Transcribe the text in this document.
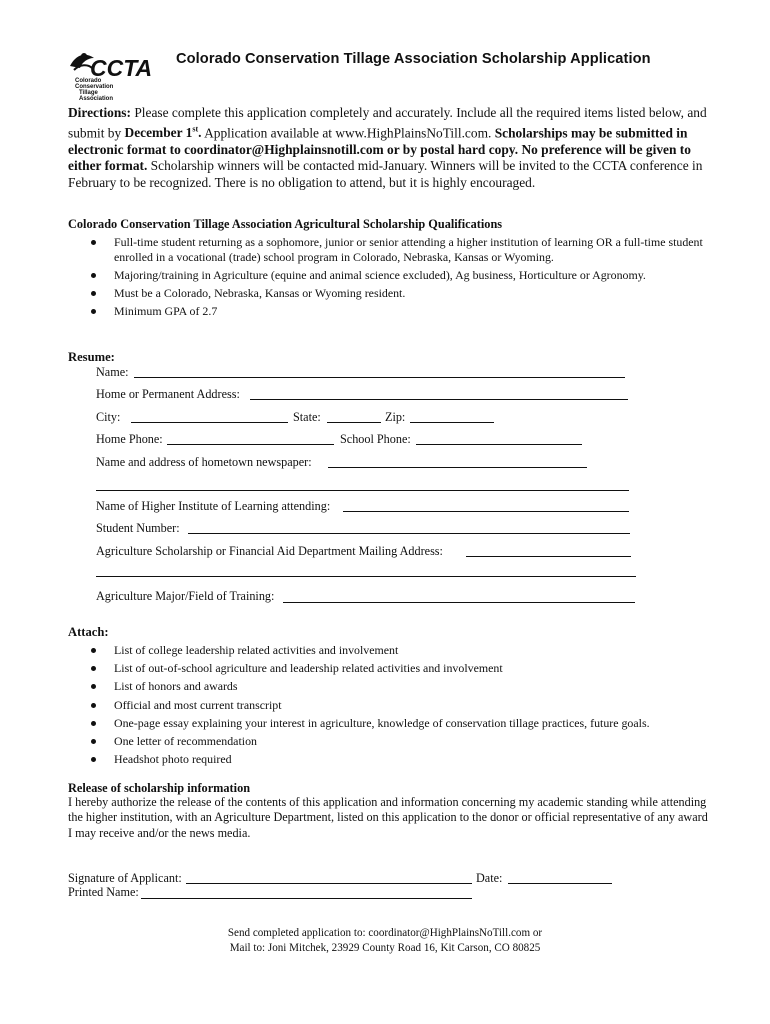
CCTA
Colorado
Conservation
Tillage
Association
Colorado Conservation Tillage Association Scholarship Application

Directions: Please complete this application completely and accurately. Include all the required items listed below, and submit by December 1st. Application available at www.HighPlainsNoTill.com. Scholarships may be submitted in electronic format to coordinator@Highplainsnotill.com or by postal hard copy. No preference will be given to either format. Scholarship winners will be contacted mid-January. Winners will be invited to the CCTA conference in February to be recognized. There is no obligation to attend, but it is highly encouraged.

Colorado Conservation Tillage Association Agricultural Scholarship Qualifications
Full-time student returning as a sophomore, junior or senior attending a higher institution of learning OR a full-time student enrolled in a vocational (trade) school program in Colorado, Nebraska, Kansas or Wyoming.
Majoring/training in Agriculture (equine and animal science excluded), Ag business, Horticulture or Agronomy.
Must be a Colorado, Nebraska, Kansas or Wyoming resident.
Minimum GPA of 2.7
Resume:
Name:
Home or Permanent Address:
City:	State:	Zip:
Home Phone:	School Phone:
Name and address of hometown newspaper:
Name of Higher Institute of Learning attending:
Student Number:
Agriculture Scholarship or Financial Aid Department Mailing Address:
Agriculture Major/Field of Training:
Attach:
List of college leadership related activities and involvement
List of out-of-school agriculture and leadership related activities and involvement
List of honors and awards
Official and most current transcript
One-page essay explaining your interest in agriculture, knowledge of conservation tillage practices, future goals.
One letter of recommendation
Headshot photo required
Release of scholarship information
I hereby authorize the release of the contents of this application and information concerning my academic standing while attending the higher institution, with an Agriculture Department, listed on this application to the donor or official representative of any award I may receive and/or the news media.
Signature of Applicant:	Date:
Printed Name:
Send completed application to: coordinator@HighPlainsNoTill.com or
Mail to: Joni Mitchek, 23929 County Road 16, Kit Carson, CO 80825
